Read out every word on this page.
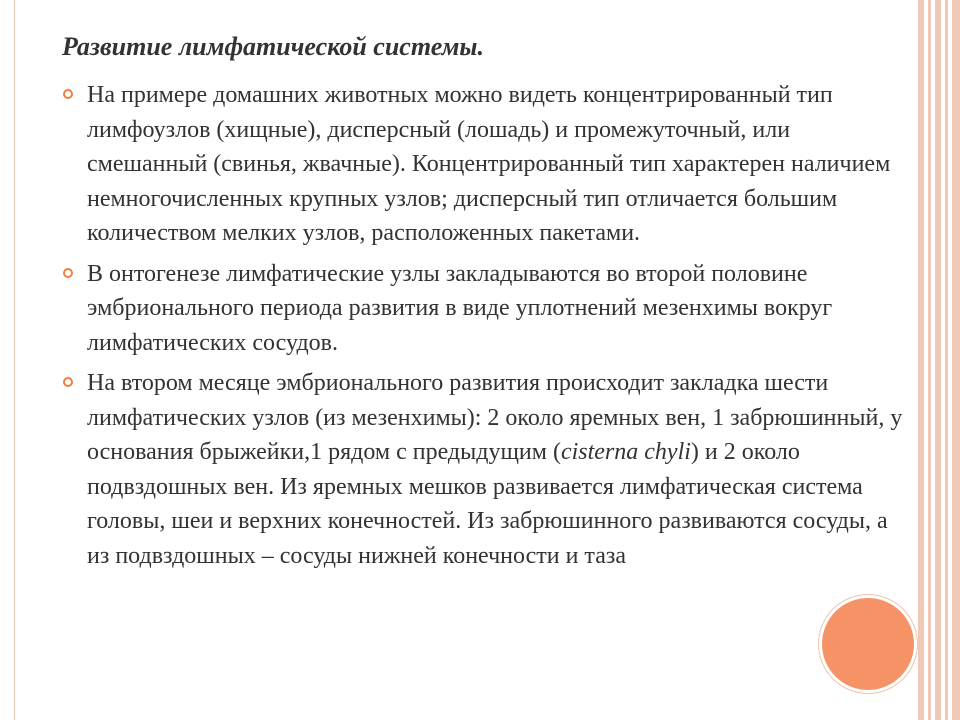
Развитие лимфатической системы.
На примере домашних животных можно видеть концентрированный тип лимфоузлов (хищные), дисперсный (лошадь) и промежуточный, или смешанный (свинья, жвачные). Концентрированный тип характерен наличием немногочисленных крупных узлов; дисперсный тип отличается большим количеством мелких узлов, расположенных пакетами.
В онтогенезе лимфатические узлы закладываются во второй половине эмбрионального периода развития в виде уплотнений мезенхимы вокруг лимфатических сосудов.
На втором месяце эмбрионального развития происходит закладка шести лимфатических узлов (из мезенхимы): 2 около яремных вен, 1 забрюшинный, у основания брыжейки,1 рядом с предыдущим (cisterna chyli) и 2 около подвздошных вен. Из яремных мешков развивается лимфатическая система головы, шеи и верхних конечностей. Из забрюшинного развиваются сосуды, а из подвздошных – сосуды нижней конечности и таза
